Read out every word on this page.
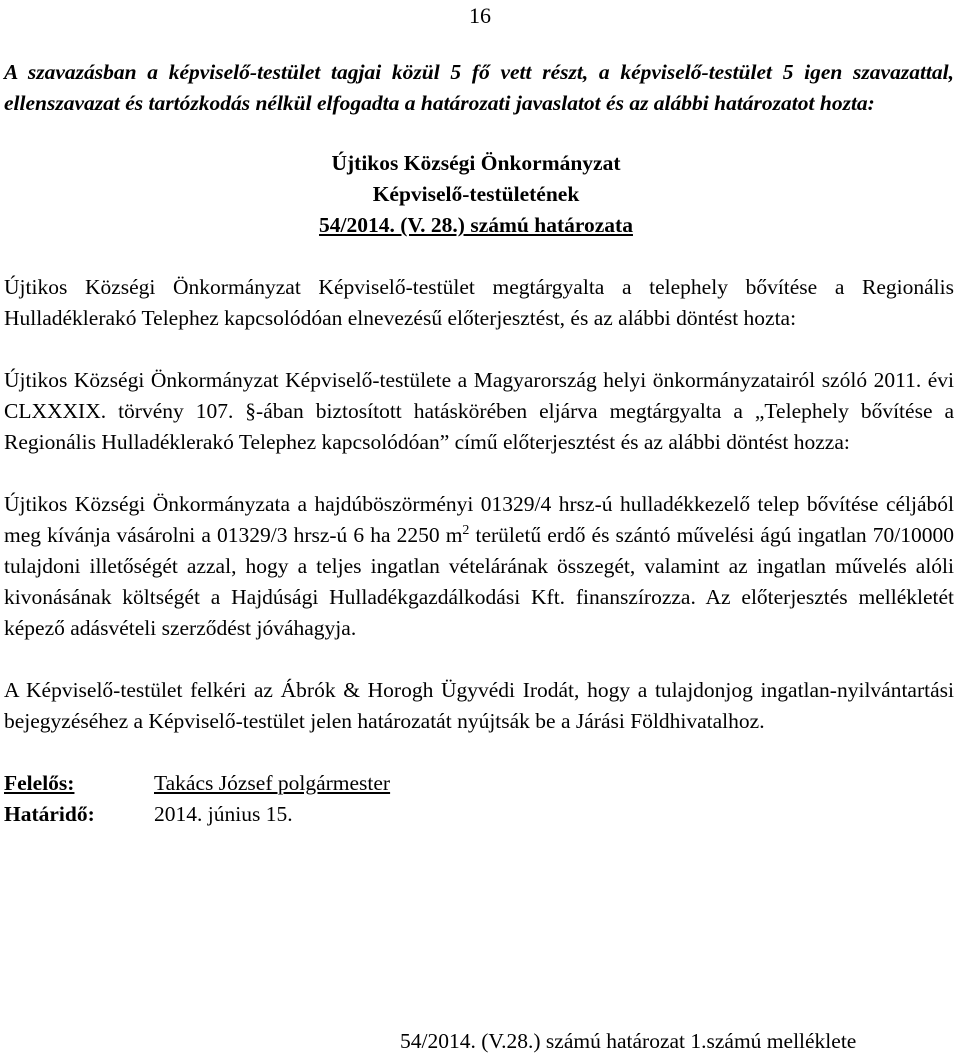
16

A szavazásban a képviselő-testület tagjai közül 5 fő vett részt, a képviselő-testület 5 igen szavazattal, ellenszavazat és tartózkodás nélkül elfogadta a határozati javaslatot és az alábbi határozatot hozta:

Újtikos Községi Önkormányzat
Képviselő-testületének
54/2014. (V. 28.) számú határozata

Újtikos Községi Önkormányzat Képviselő-testület megtárgyalta a telephely bővítése a Regionális Hulladéklerakó Telephez kapcsolódóan elnevezésű előterjesztést, és az alábbi döntést hozta:

Újtikos Községi Önkormányzat Képviselő-testülete a Magyarország helyi önkormányzatairól szóló 2011. évi CLXXXIX. törvény 107. §-ában biztosított hatáskörében eljárva megtárgyalta a „Telephely bővítése a Regionális Hulladéklerakó Telephez kapcsolódóan” című előterjesztést és az alábbi döntést hozza:

Újtikos Községi Önkormányzata a hajdúböszörményi 01329/4 hrsz-ú hulladékkezelő telep bővítése céljából meg kívánja vásárolni a 01329/3 hrsz-ú 6 ha 2250 $m^2$ területű erdő és szántó művelési ágú ingatlan 70/10000 tulajdoni illetőségét azzal, hogy a teljes ingatlan vételárának összegét, valamint az ingatlan művelés alóli kivonásának költségét a Hajdúsági Hulladékgazdálkodási Kft. finanszírozza. Az előterjesztés mellékletét képező adásvételi szerződést jóváhagyja.

A Képviselő-testület felkéri az Ábrók & Horogh Ügyvédi Irodát, hogy a tulajdonjog ingatlan-nyilvántartási bejegyzéséhez a Képviselő-testület jelen határozatát nyújtsák be a Járási Földhivatalhoz.

Felelős:	Takács József polgármester
Határidő:	2014. június 15.
54/2014. (V.28.) számú határozat 1.számú melléklete
